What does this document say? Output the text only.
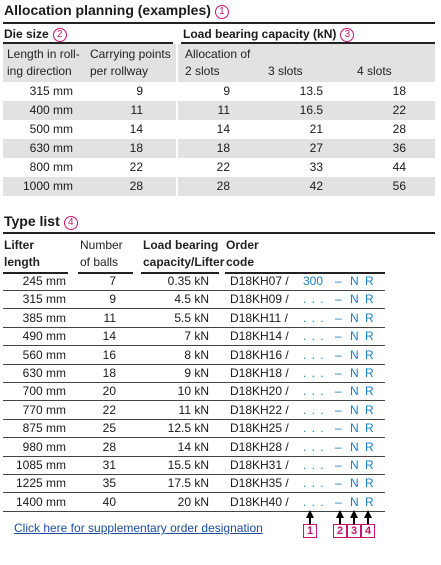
Allocation planning (examples) 1
Die size 2	Load bearing capacity (kN) 3
Length in roll-
ing direction
Carrying points
per rollway
Allocation of
2 slots	3 slots	4 slots
315 mm	9	9	13.5	18
400 mm	11	11	16.5	22
500 mm	14	14	21	28
630 mm	18	18	27	36
800 mm	22	22	33	44
1000 mm	28	28	42	56
Type list 4
Lifter
length
Number
of balls
Load bearing
capacity/Lifter
Order
code
245 mm	7	0.35 kN D18KH07 /	300 – N R
315 mm	9	4.5 kN D18KH09 /	. . . – N R
385 mm	11	5.5 kN D18KH11 /	. . . – N R
490 mm	14	7 kN D18KH14 /	. . . – N R
560 mm	16	8 kN D18KH16 /	. . . – N R
630 mm	18	9 kN D18KH18 /	. . . – N R
700 mm	20	10 kN D18KH20 /	. . . – N R
770 mm	22	11 kN D18KH22 /	. . . – N R
875 mm	25	12.5 kN D18KH25 /	. . . – N R
980 mm	28	14 kN D18KH28 /	. . . – N R
1085 mm	31	15.5 kN D18KH31 /	. . . – N R
1225 mm	35	17.5 kN D18KH35 /	. . . – N R
1400 mm	40	20 kN D18KH40 /	. . . – N R
1	2 3 4
Click here for supplementary order designation
